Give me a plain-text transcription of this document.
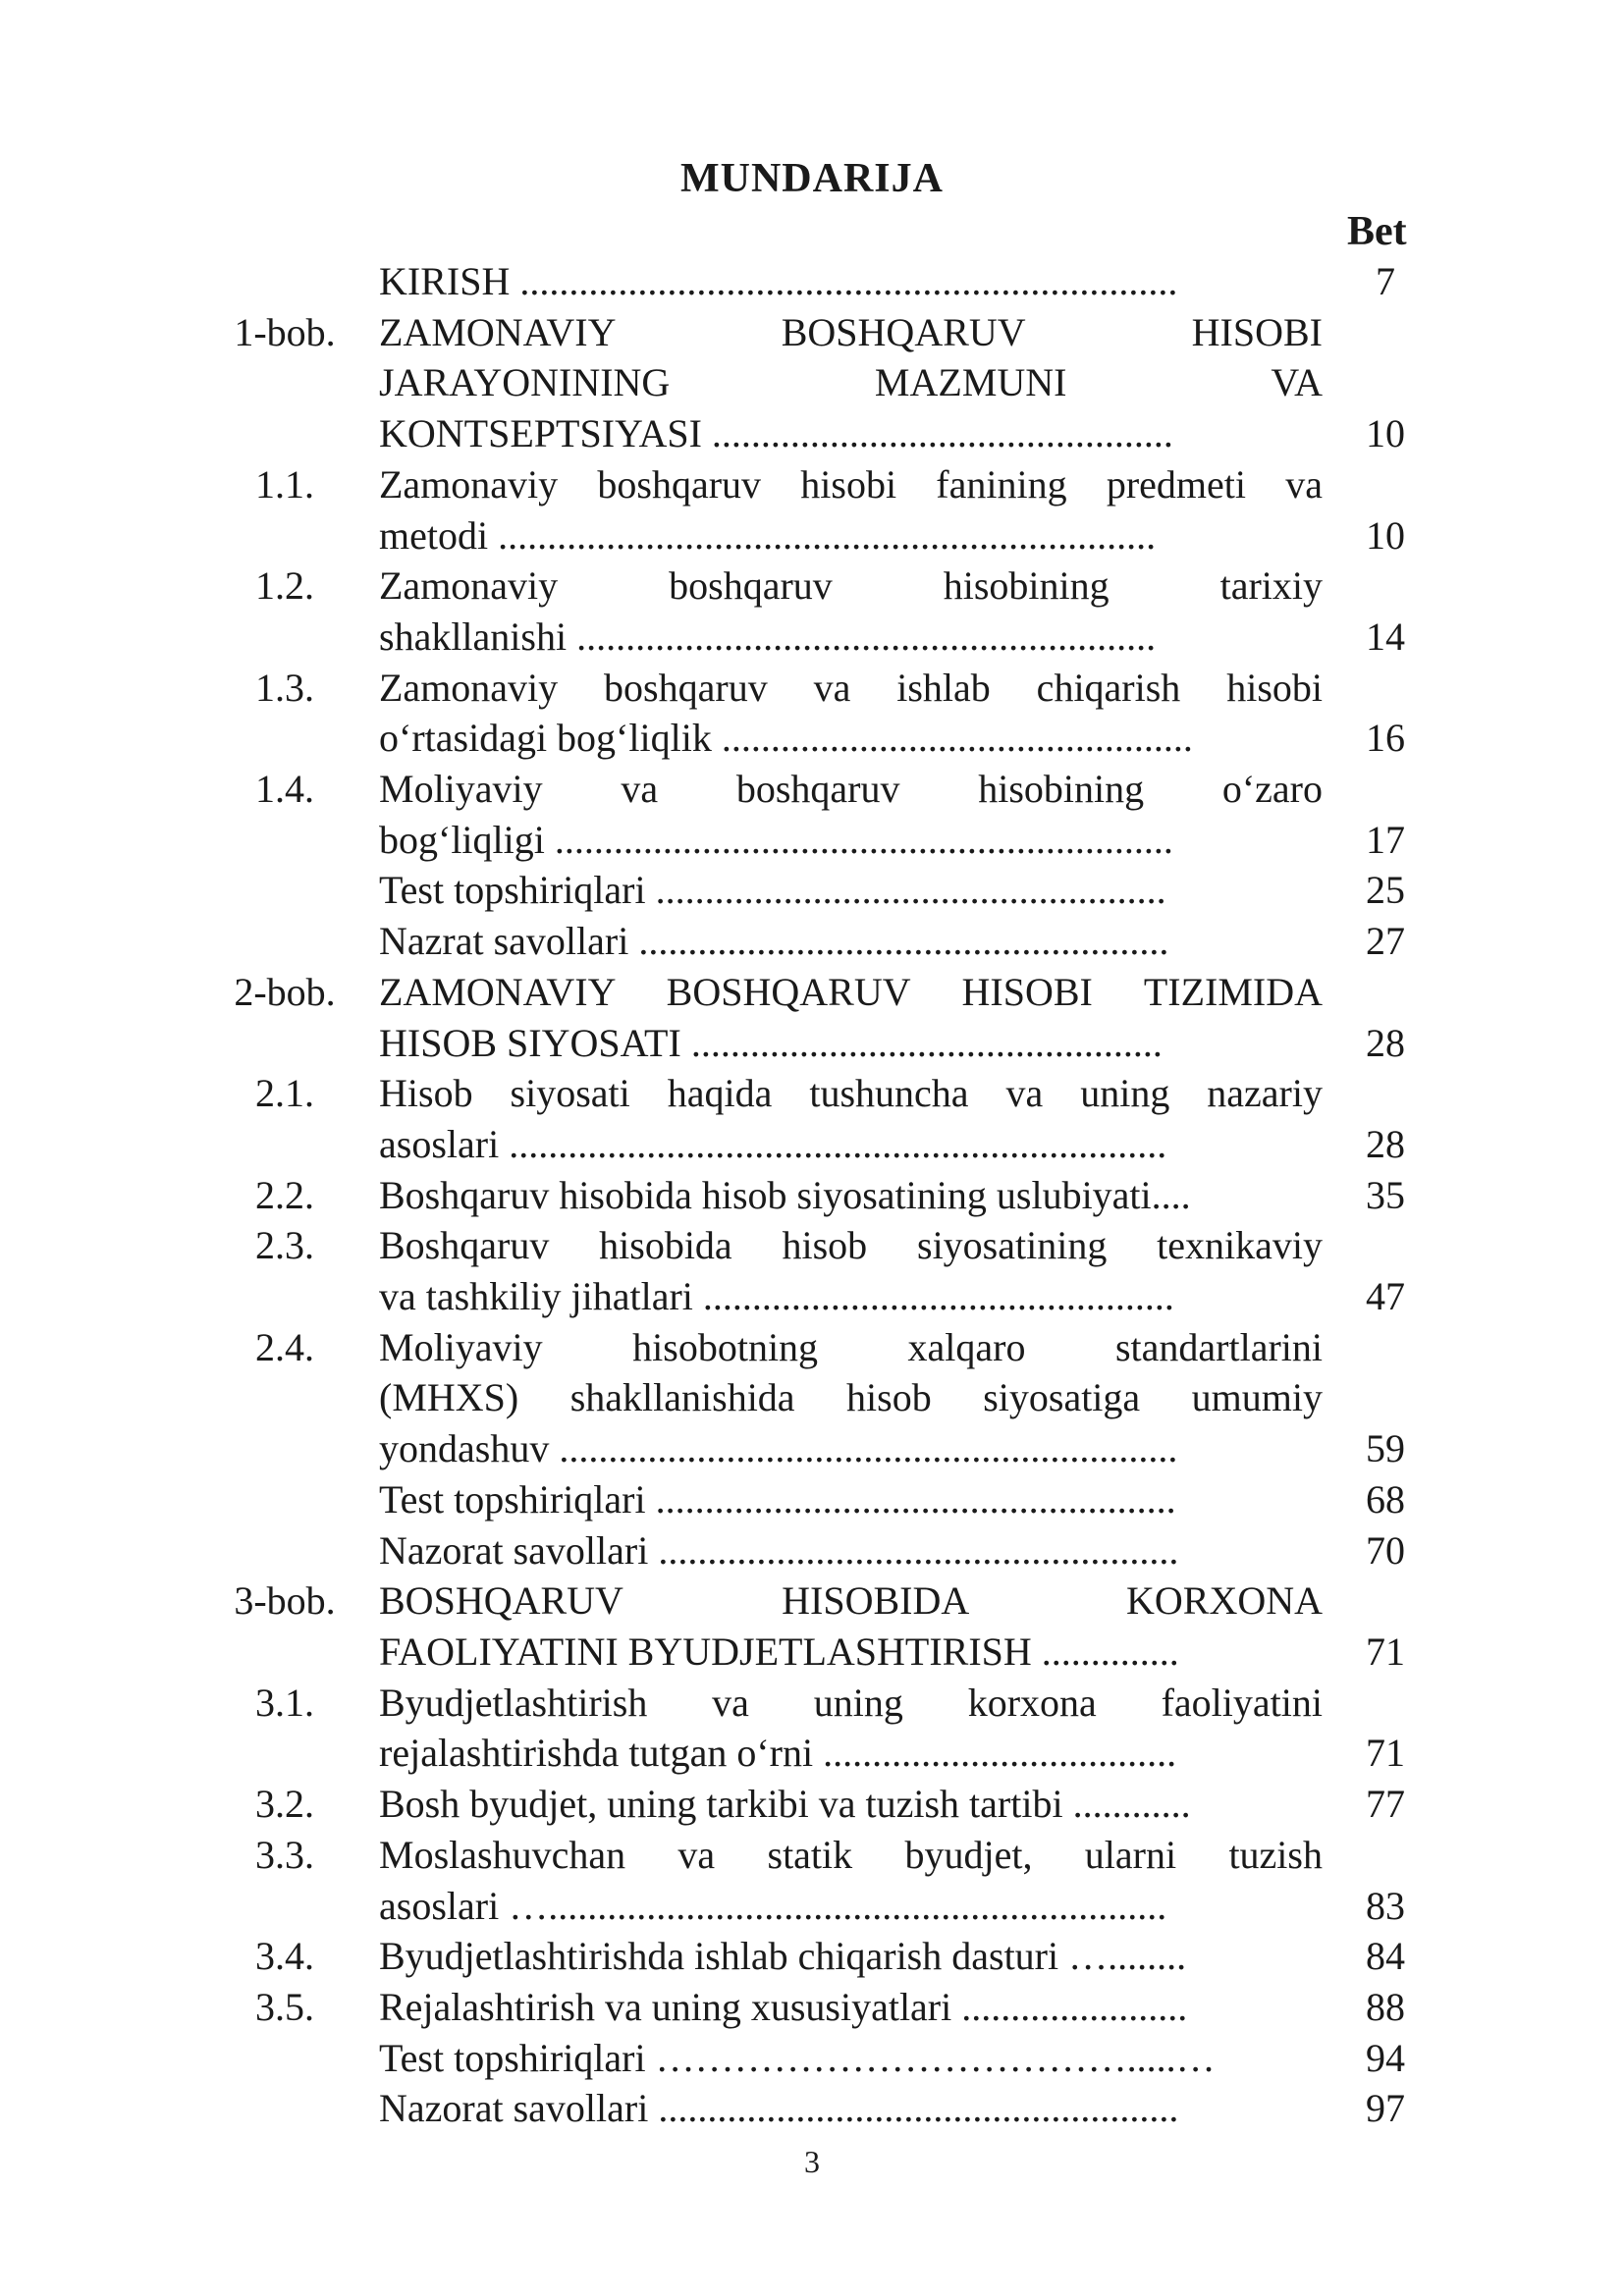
MUNDARIJA
Bet
KIRISH ...................................................................	7
1-bob.	ZAMONAVIY BOSHQARUV HISOBI
JARAYONINING MAZMUNI VA
KONTSEPTSIYASI ...............................................	10
1.1.	Zamonaviy boshqaruv hisobi fanining predmeti va
metodi ...................................................................	10
1.2.	Zamonaviy boshqaruv hisobining tarixiy
shakllanishi ...........................................................	14
1.3.	Zamonaviy boshqaruv va ishlab chiqarish hisobi
o‘rtasidagi bog‘liqlik ................................................	16
1.4.	Moliyaviy va boshqaruv hisobining o‘zaro
bog‘liqligi ...............................................................	17
Test topshiriqlari ....................................................	25
Nazrat savollari ......................................................	27
2-bob.	ZAMONAVIY BOSHQARUV HISOBI TIZIMIDA
HISOB SIYOSATI ................................................	28
2.1.	Hisob siyosati haqida tushuncha va uning nazariy
asoslari ...................................................................	28
2.2.	Boshqaruv hisobida hisob siyosatining uslubiyati....	35
2.3.	Boshqaruv hisobida hisob siyosatining texnikaviy
va tashkiliy jihatlari ................................................	47
2.4.	Moliyaviy hisobotning xalqaro standartlarini
(MHXS) shakllanishida hisob siyosatiga umumiy
yondashuv ...............................................................	59
Test topshiriqlari .....................................................	68
Nazorat savollari .....................................................	70
3-bob.	BOSHQARUV HISOBIDA KORXONA
FAOLIYATINI BYUDJETLASHTIRISH ..............	71
3.1.	Byudjetlashtirish va uning korxona faoliyatini
rejalashtirishda tutgan o‘rni ....................................	71
3.2.	Bosh byudjet, uning tarkibi va tuzish tartibi ............	77
3.3.	Moslashuvchan va statik byudjet, ularni tuzish
asoslari …...............................................................	83
3.4.	Byudjetlashtirishda ishlab chiqarish dasturi …........	84
3.5.	Rejalashtirish va uning xususiyatlari .......................	88
Test topshiriqlari ……………………………….....…	94
Nazorat savollari .....................................................	97
3
